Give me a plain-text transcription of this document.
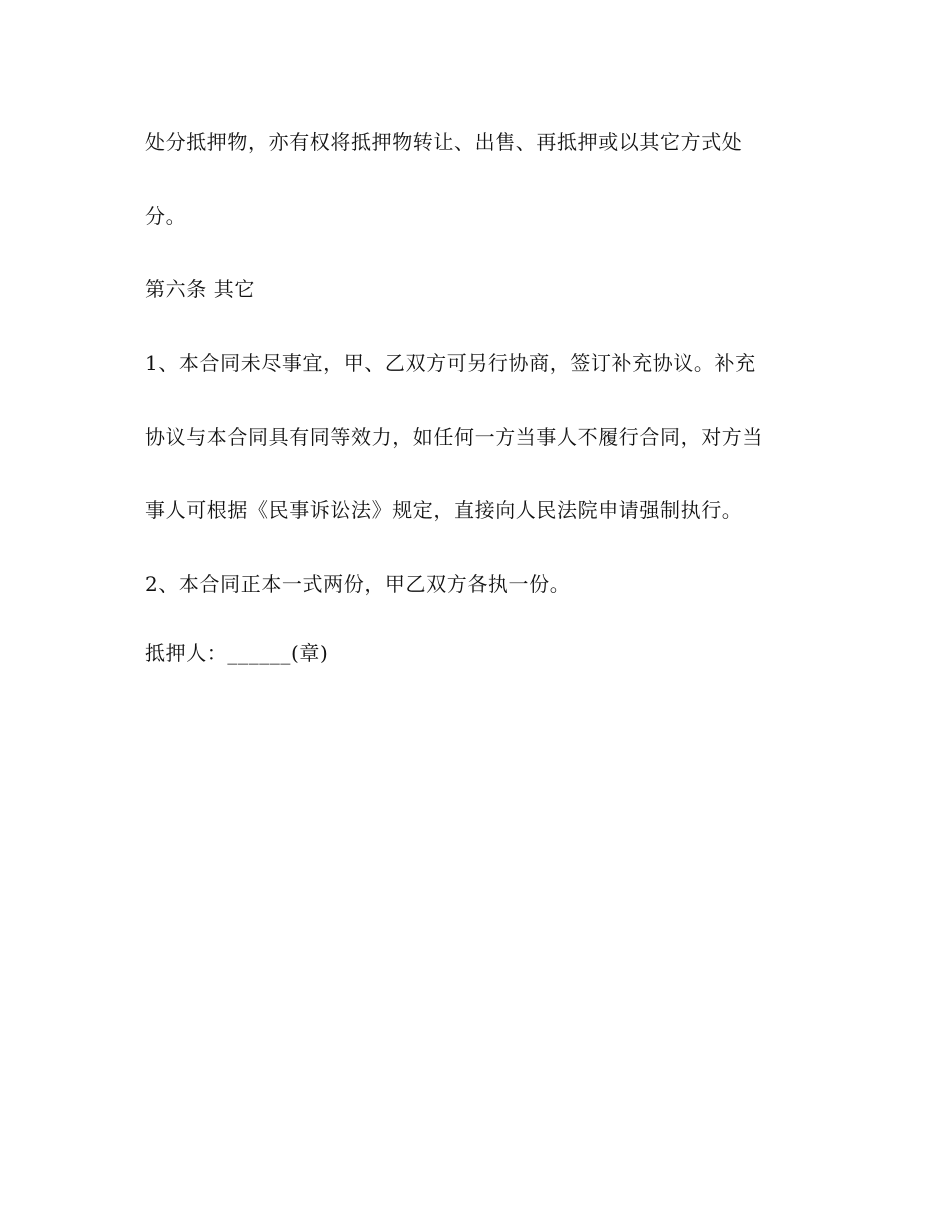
处分抵押物，亦有权将抵押物转让、出售、再抵押或以其它方式处

分。

第六条 其它

1、本合同未尽事宜，甲、乙双方可另行协商，签订补充协议。补充

协议与本合同具有同等效力，如任何一方当事人不履行合同，对方当

事人可根据《民事诉讼法》规定，直接向人民法院申请强制执行。

2、本合同正本一式两份，甲乙双方各执一份。

抵押人：______(章)
